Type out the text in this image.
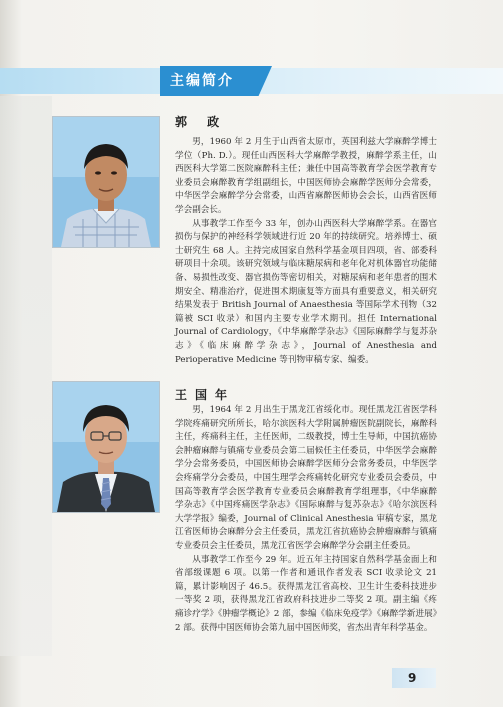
主编简介
郭 政

男，1960 年 2 月生于山西省太原市，英国利兹大学麻醉学博士学位（Ph. D.）。现任山西医科大学麻醉学教授，麻醉学系主任，山西医科大学第二医院麻醉科主任；兼任中国高等教育学会医学教育专业委员会麻醉教育学组副组长，中国医师协会麻醉学医师分会常委，中华医学会麻醉学分会常委，山西省麻醉医师协会会长，山西省医师学会副会长。

从事教学工作至今 33 年，创办山西医科大学麻醉学系。在器官损伤与保护的神经科学领域进行近 20 年的持续研究。培养博士、硕士研究生 68 人。主持完成国家自然科学基金项目四项，省、部委科研项目十余项。该研究领域与临床糖尿病和老年化对机体器官功能储备、易损性改变、器官损伤等密切相关，对糖尿病和老年患者的围术期安全、精准治疗，促进围术期康复等方面具有重要意义，相关研究结果发表于 British Journal of Anaesthesia 等国际学术刊物（32 篇被 SCI 收录）和国内主要专业学术期刊。担任 International Journal of Cardiology，《中华麻醉学杂志》《国际麻醉学与复苏杂志》《临床麻醉学杂志》，Journal of Anesthesia and Perioperative Medicine 等刊物审稿专家、编委。

王国年

男，1964 年 2 月出生于黑龙江省绥化市。现任黑龙江省医学科学院疼痛研究所所长，哈尔滨医科大学附属肿瘤医院副院长，麻醉科主任，疼痛科主任，主任医师，二级教授，博士生导师，中国抗癌协会肿瘤麻醉与镇痛专业委员会第二届候任主任委员，中华医学会麻醉学分会常务委员，中国医师协会麻醉学医师分会常务委员，中华医学会疼痛学分会委员，中国生理学会疼痛转化研究专业委员会委员，中国高等教育学会医学教育专业委员会麻醉教育学组理事，《中华麻醉学杂志》《中国疼痛医学杂志》《国际麻醉与复苏杂志》《哈尔滨医科大学学报》编委，Journal of Clinical Anesthesia 审稿专家，黑龙江省医师协会麻醉分会主任委员，黑龙江省抗癌协会肿瘤麻醉与镇痛专业委员会主任委员，黑龙江省医学会麻醉学分会副主任委员。

从事教学工作至今 29 年。近五年主持国家自然科学基金面上和省部级课题 6 项。以第一作者和通讯作者发表 SCI 收录论文 21 篇，累计影响因子 46.5。获得黑龙江省高校、卫生计生委科技进步一等奖 2 项，获得黑龙江省政府科技进步二等奖 2 项。副主编《疼痛诊疗学》《肿瘤学概论》2 部，参编《临床免疫学》《麻醉学新进展》2 部。获得中国医师协会第九届中国医师奖，省杰出青年科学基金。

9
